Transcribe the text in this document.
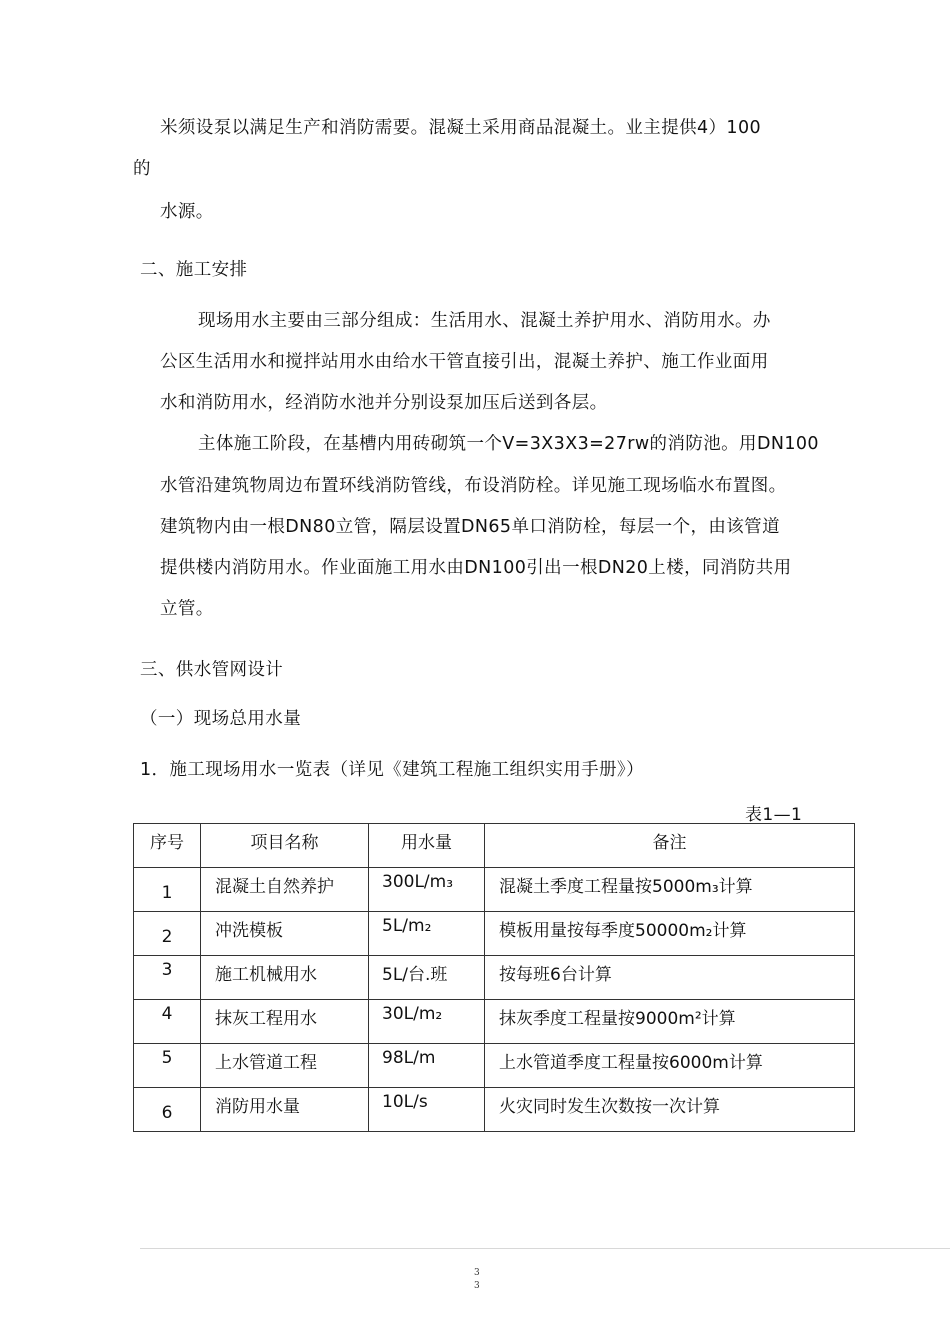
米须设泵以满足生产和消防需要。混凝土采用商品混凝土。业主提供4）100
的
水源。
二、施工安排
现场用水主要由三部分组成：生活用水、混凝土养护用水、消防用水。办
公区生活用水和搅拌站用水由给水干管直接引出，混凝土养护、施工作业面用
水和消防用水，经消防水池并分别设泵加压后送到各层。
主体施工阶段，在基槽内用砖砌筑一个V=3X3X3=27rw的消防池。用DN100
水管沿建筑物周边布置环线消防管线，布设消防栓。详见施工现场临水布置图。
建筑物内由一根DN80立管，隔层设置DN65单口消防栓，每层一个，由该管道
提供楼内消防用水。作业面施工用水由DN100引出一根DN20上楼，同消防共用
立管。
三、供水管网设计
（一）现场总用水量
1．施工现场用水一览表（详见《建筑工程施工组织实用手册》）
表1—1
序号	项目名称	用水量	备注

1	混凝土自然养护	300L/m₃	混凝土季度工程量按5000m₃计算

2	冲洗模板	5L/m₂	模板用量按每季度50000m₂计算

3	施工机械用水	5L/台.班	按每班6台计算

4	抹灰工程用水	30L/m₂	抹灰季度工程量按9000m²计算

5	上水管道工程	98L/m	上水管道季度工程量按6000m计算

6	消防用水量	10L/s	火灾同时发生次数按一次计算
3
3
